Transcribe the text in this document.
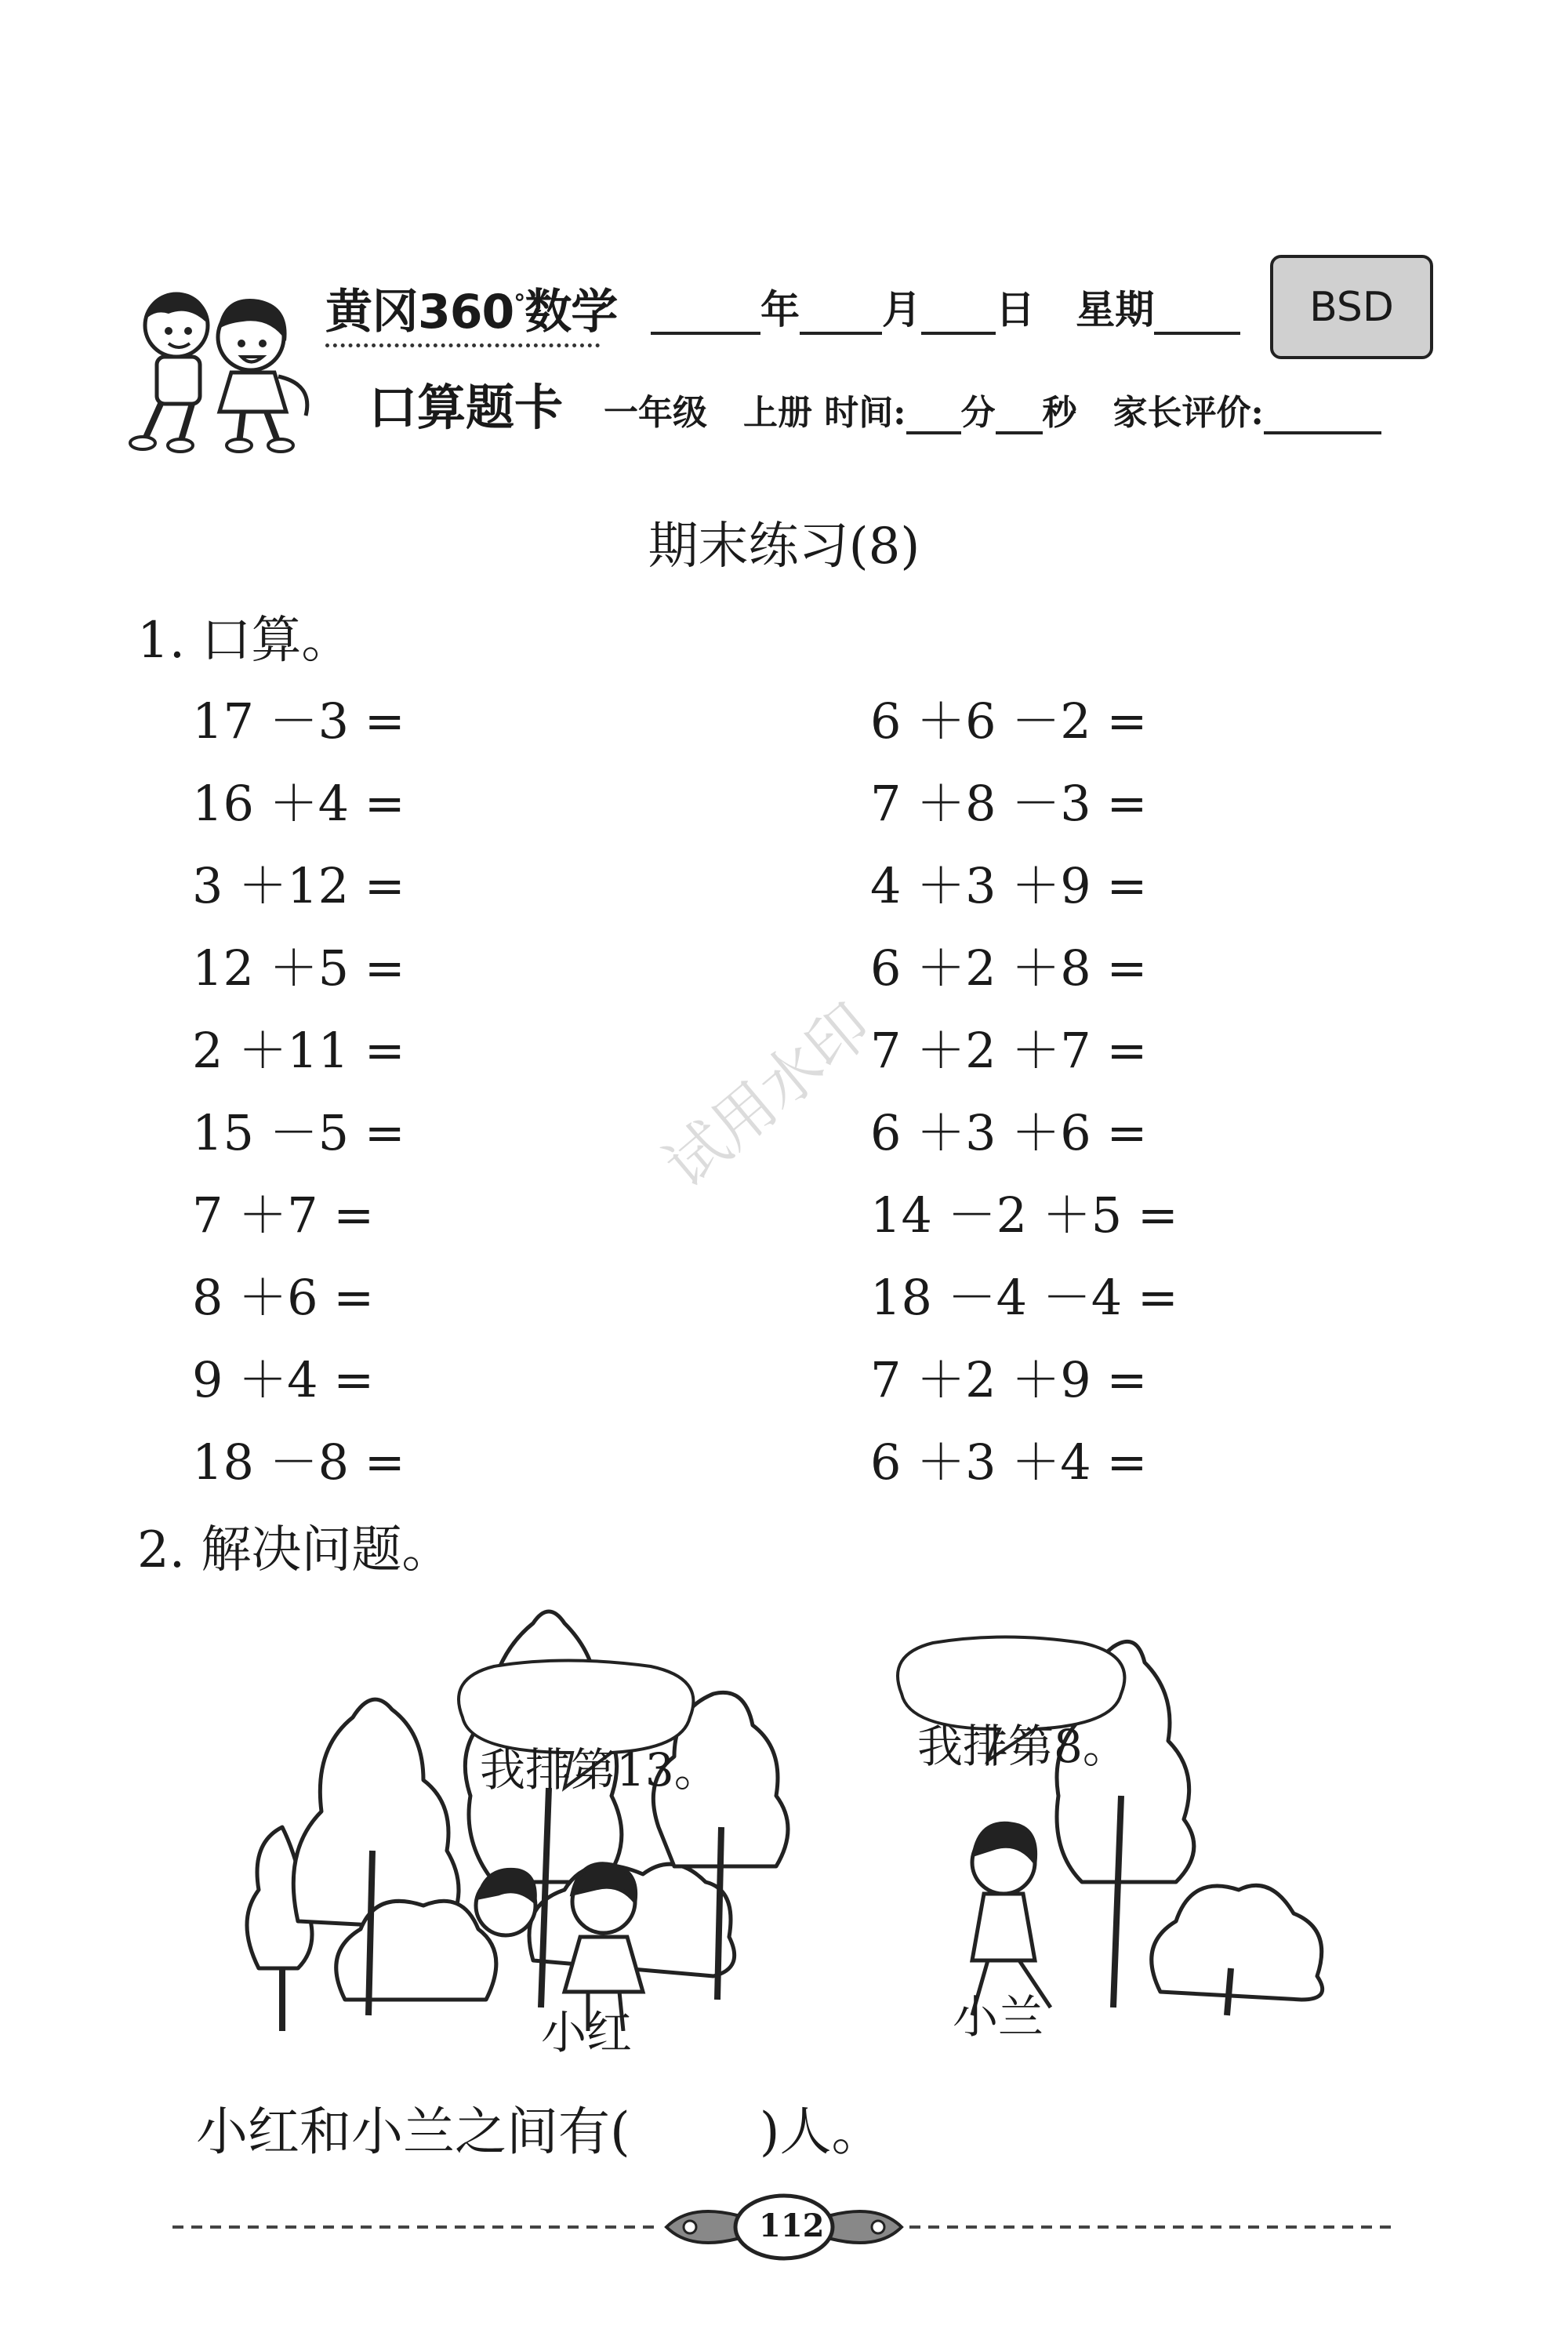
黄冈360°数学
口算题卡
年 月 日 星期	BSD
一年级 上册 时间: 分 秒 家长评价:
期末练习(8)
1. 口算。
试用水印
17 －3 =
16 ＋4 =
3 ＋12 =
12 ＋5 =
2 ＋11 =
15 －5 =
7 ＋7 =
8 ＋6 =
9 ＋4 =
18 －8 =
6 ＋6 －2 =
7 ＋8 －3 =
4 ＋3 ＋9 =
6 ＋2 ＋8 =
7 ＋2 ＋7 =
6 ＋3 ＋6 =
14 －2 ＋5 =
18 －4 －4 =
7 ＋2 ＋9 =
6 ＋3 ＋4 =
2. 解决问题。
我排第13。	我排第8。
小红	小兰
小红和小兰之间有(	)人。
112
